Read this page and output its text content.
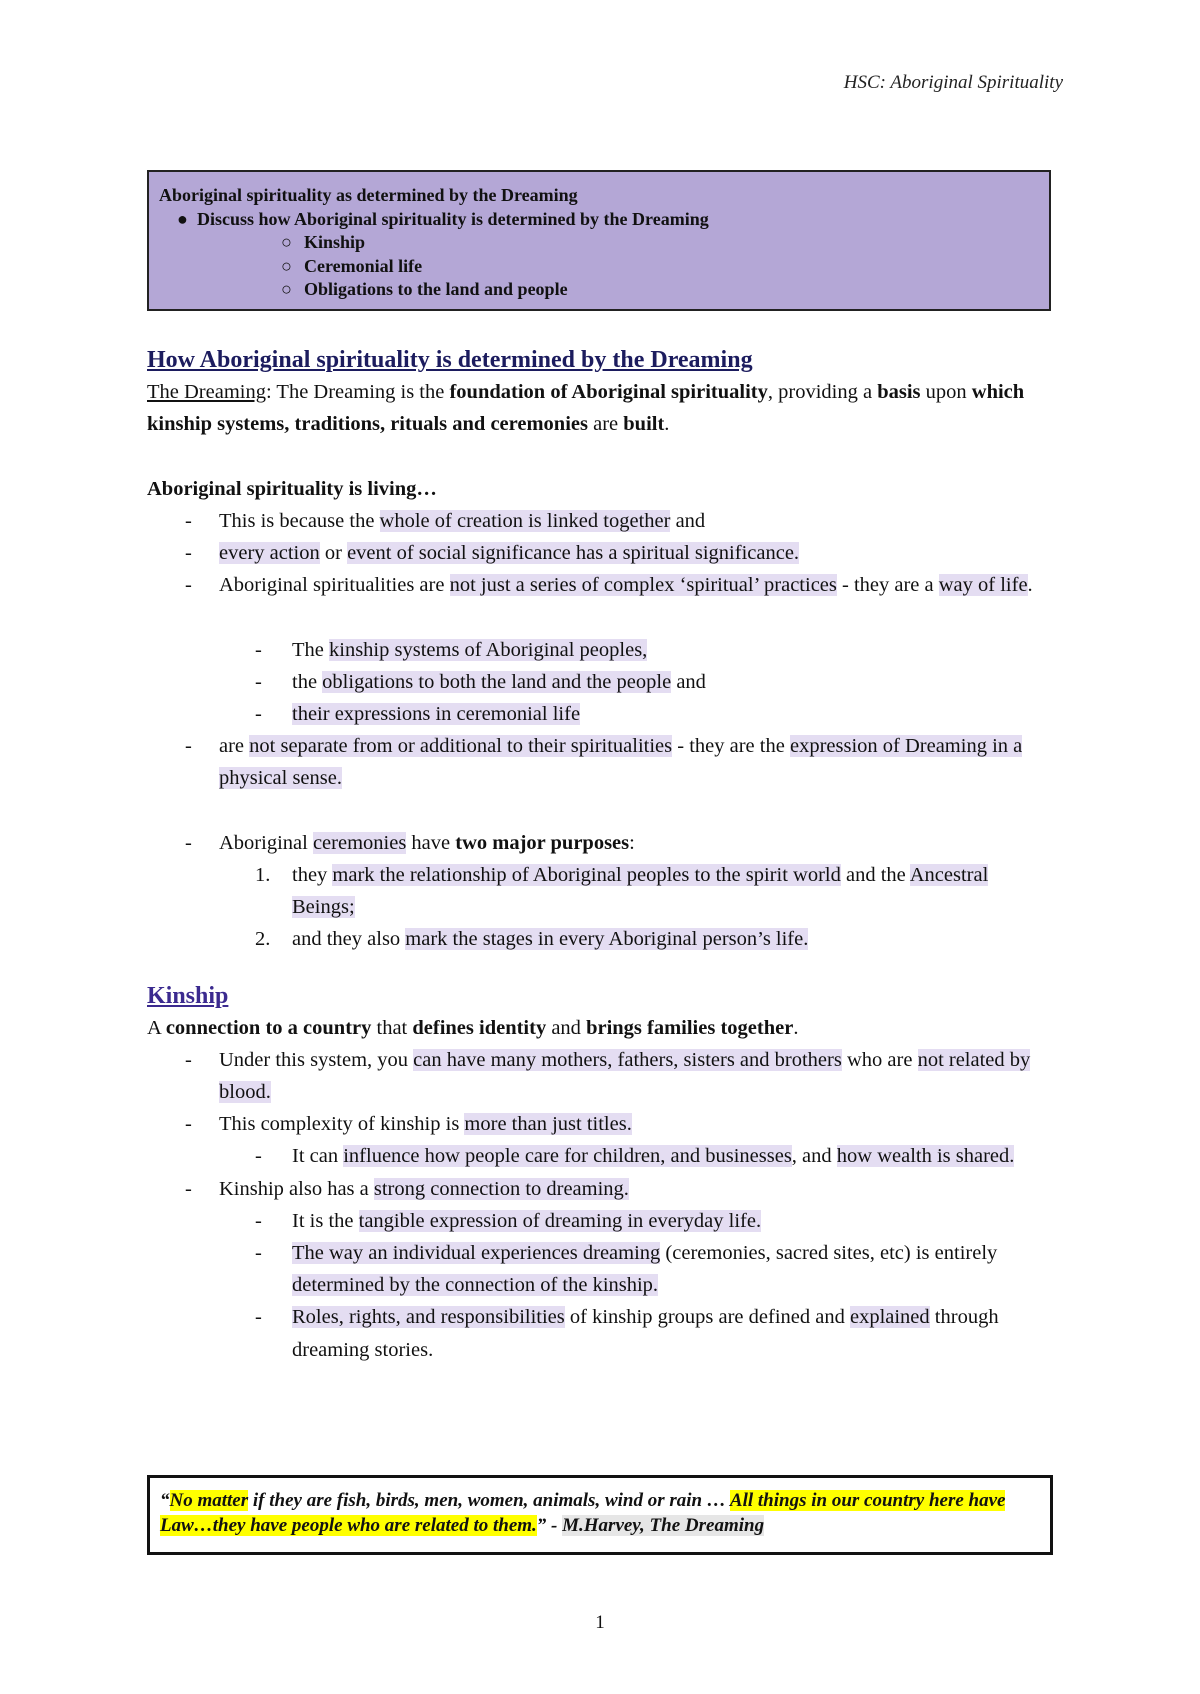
HSC: Aboriginal Spirituality
Aboriginal spirituality as determined by the Dreaming
● Discuss how Aboriginal spirituality is determined by the Dreaming
○ Kinship
○ Ceremonial life
○ Obligations to the land and people
How Aboriginal spirituality is determined by the Dreaming

The Dreaming: The Dreaming is the foundation of Aboriginal spirituality, providing a basis upon which kinship systems, traditions, rituals and ceremonies are built.

Aboriginal spirituality is living…

- This is because the whole of creation is linked together and
- every action or event of social significance has a spiritual significance.
- Aboriginal spiritualities are not just a series of complex ‘spiritual’ practices - they are a way of life.
- The kinship systems of Aboriginal peoples,
- the obligations to both the land and the people and
- their expressions in ceremonial life
- are not separate from or additional to their spiritualities - they are the expression of Dreaming in a physical sense.
- Aboriginal ceremonies have two major purposes:
1. they mark the relationship of Aboriginal peoples to the spirit world and the Ancestral Beings;
2. and they also mark the stages in every Aboriginal person’s life.
Kinship

A connection to a country that defines identity and brings families together.

- Under this system, you can have many mothers, fathers, sisters and brothers who are not related by blood.
- This complexity of kinship is more than just titles.
- It can influence how people care for children, and businesses, and how wealth is shared.
- Kinship also has a strong connection to dreaming.
- It is the tangible expression of dreaming in everyday life.
- The way an individual experiences dreaming (ceremonies, sacred sites, etc) is entirely determined by the connection of the kinship.
- Roles, rights, and responsibilities of kinship groups are defined and explained through dreaming stories.
“No matter if they are fish, birds, men, women, animals, wind or rain … All things in our country here have Law…they have people who are related to them.” - M.Harvey, The Dreaming
1
